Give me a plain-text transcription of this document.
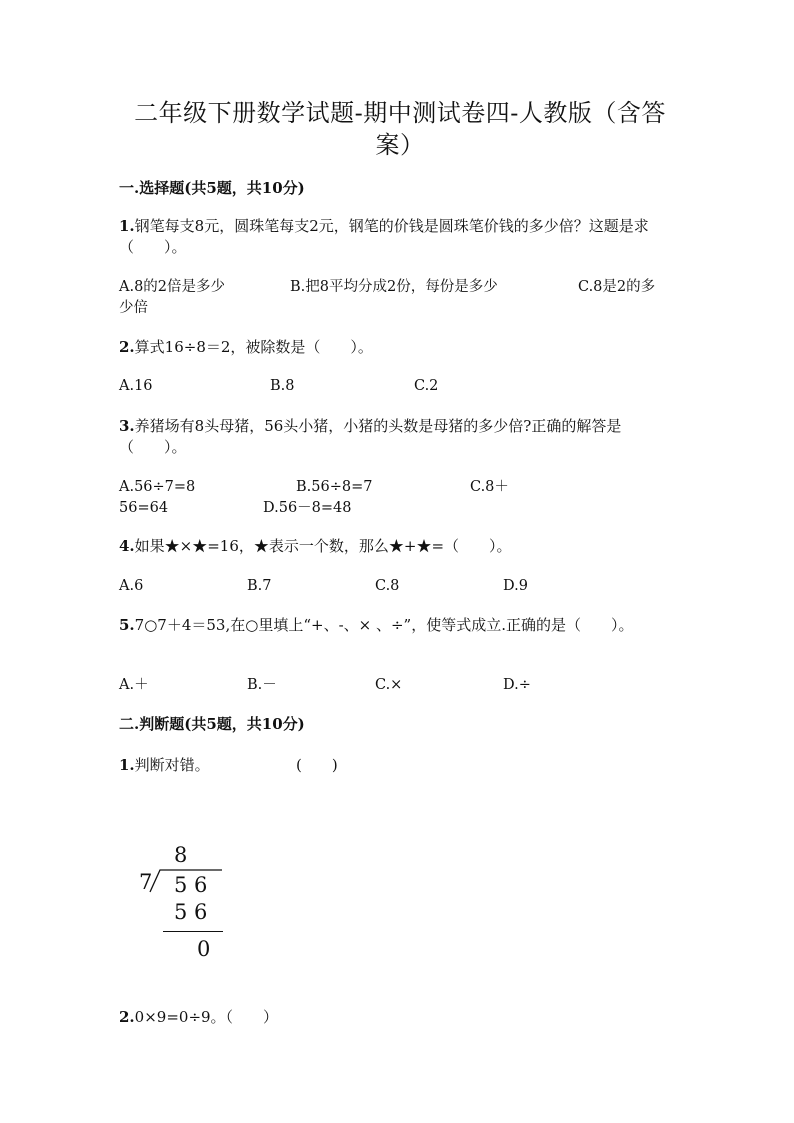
二年级下册数学试题-期中测试卷四-人教版（含答
案）
一.选择题(共5题，共10分)
1.钢笔每支8元，圆珠笔每支2元，钢笔的价钱是圆珠笔价钱的多少倍？这题是求（　　）。
A.8的2倍是多少	B.把8平均分成2份，每份是多少	C.8是2的多
少倍
2.算式16÷8＝2，被除数是（　　）。
A.16	B.8	C.2
3.养猪场有8头母猪，56头小猪，小猪的头数是母猪的多少倍?正确的解答是（　　）。
A.56÷7=8	B.56÷8=7	C.8＋
56=64	D.56－8=48
4.如果★×★=16，★表示一个数，那么★+★=（　　）。
A.6	B.7	C.8	D.9
5.7○7＋4＝53,在○里填上“+、-、× 、÷”，使等式成立.正确的是（　　）。
A.＋	B.－	C.×	D.÷
二.判断题(共5题，共10分)
1.判断对错。	(　　)
8
7 5 6
5 6
0
2.0×9=0÷9。（　　）
